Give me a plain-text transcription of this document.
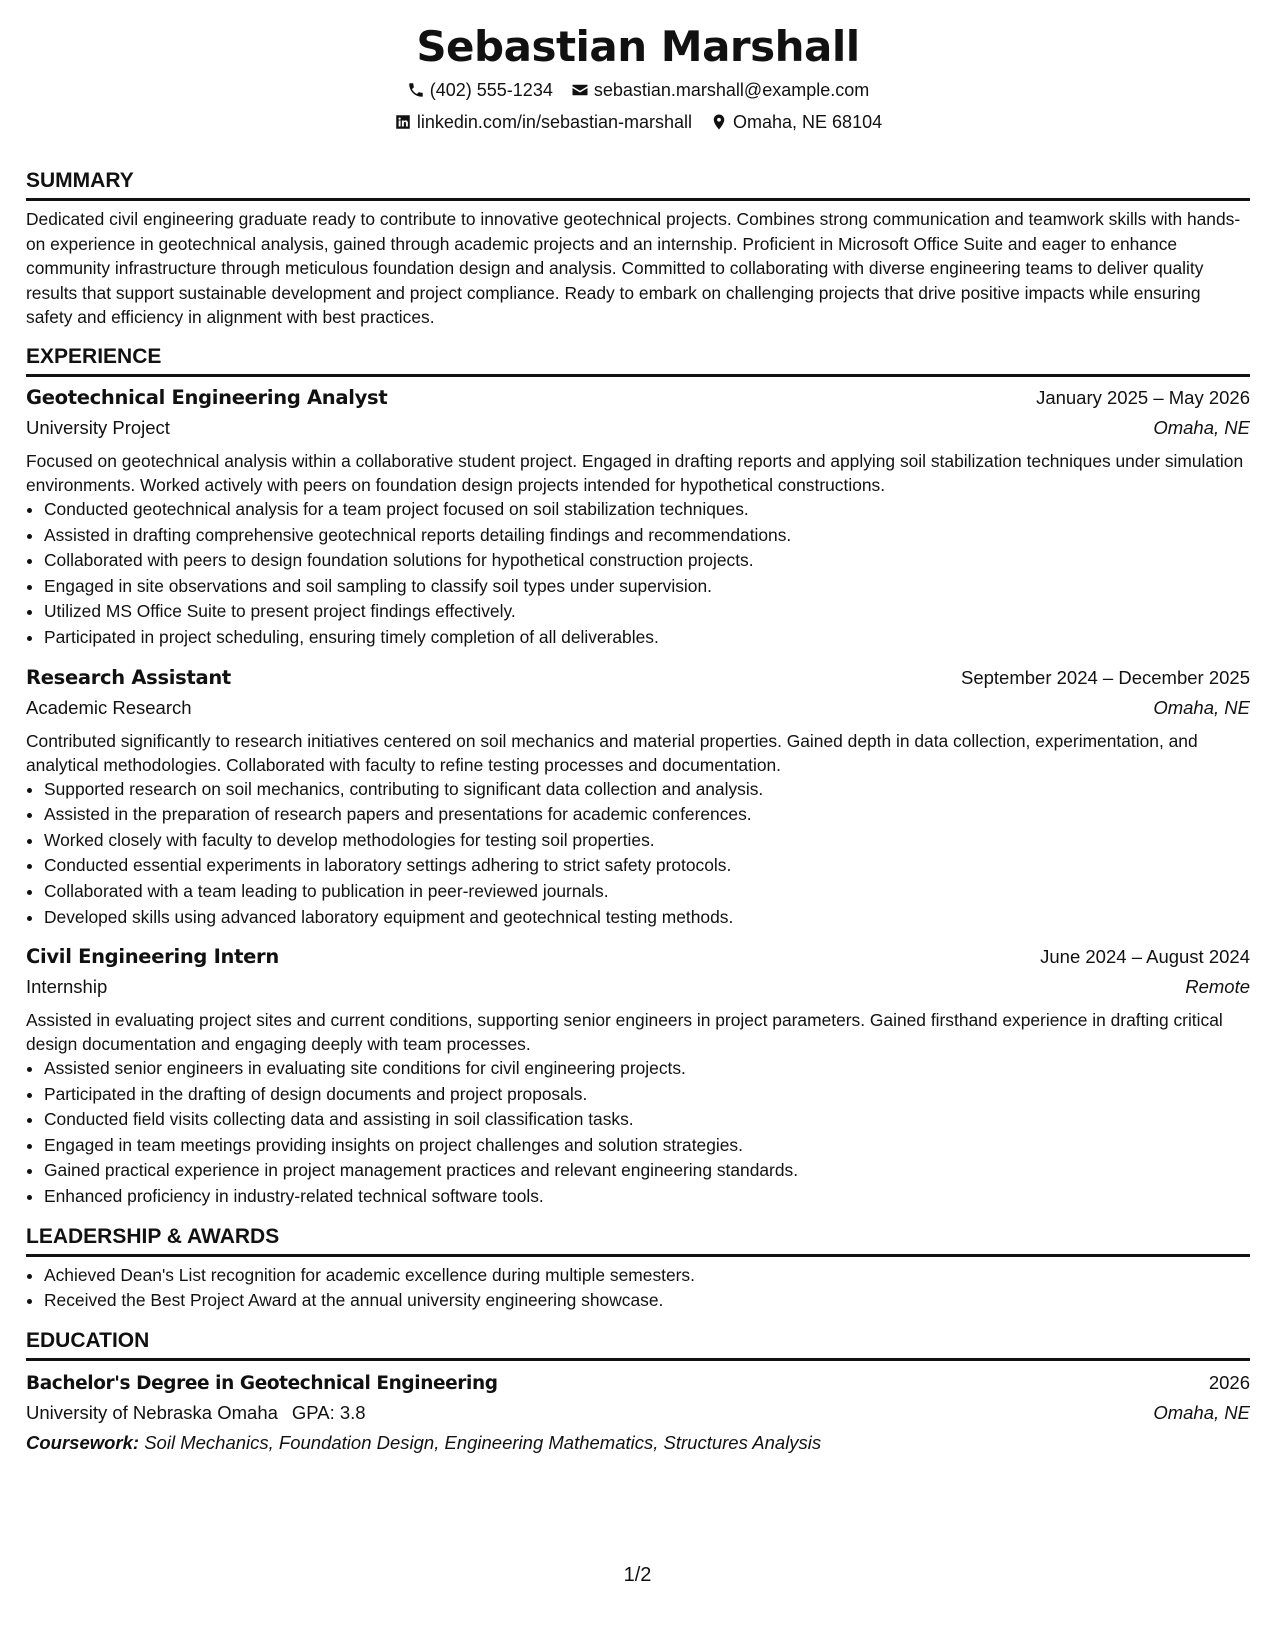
Sebastian Marshall
(402) 555-1234 sebastian.marshall@example.com
linkedin.com/in/sebastian-marshall Omaha, NE 68104
SUMMARY

Dedicated civil engineering graduate ready to contribute to innovative geotechnical projects. Combines strong communication and teamwork skills with hands-on experience in geotechnical analysis, gained through academic projects and an internship. Proficient in Microsoft Office Suite and eager to enhance community infrastructure through meticulous foundation design and analysis. Committed to collaborating with diverse engineering teams to deliver quality results that support sustainable development and project compliance. Ready to embark on challenging projects that drive positive impacts while ensuring safety and efficiency in alignment with best practices.

EXPERIENCE
Geotechnical Engineering Analyst	January 2025 – May 2026
University Project	Omaha, NE

Focused on geotechnical analysis within a collaborative student project. Engaged in drafting reports and applying soil stabilization techniques under simulation environments. Worked actively with peers on foundation design projects intended for hypothetical constructions.

• Conducted geotechnical analysis for a team project focused on soil stabilization techniques.
• Assisted in drafting comprehensive geotechnical reports detailing findings and recommendations.
• Collaborated with peers to design foundation solutions for hypothetical construction projects.
• Engaged in site observations and soil sampling to classify soil types under supervision.
• Utilized MS Office Suite to present project findings effectively.
• Participated in project scheduling, ensuring timely completion of all deliverables.
Research Assistant	September 2024 – December 2025
Academic Research	Omaha, NE

Contributed significantly to research initiatives centered on soil mechanics and material properties. Gained depth in data collection, experimentation, and analytical methodologies. Collaborated with faculty to refine testing processes and documentation.

• Supported research on soil mechanics, contributing to significant data collection and analysis.
• Assisted in the preparation of research papers and presentations for academic conferences.
• Worked closely with faculty to develop methodologies for testing soil properties.
• Conducted essential experiments in laboratory settings adhering to strict safety protocols.
• Collaborated with a team leading to publication in peer-reviewed journals.
• Developed skills using advanced laboratory equipment and geotechnical testing methods.
Civil Engineering Intern	June 2024 – August 2024
Internship	Remote

Assisted in evaluating project sites and current conditions, supporting senior engineers in project parameters. Gained firsthand experience in drafting critical design documentation and engaging deeply with team processes.

• Assisted senior engineers in evaluating site conditions for civil engineering projects.
• Participated in the drafting of design documents and project proposals.
• Conducted field visits collecting data and assisting in soil classification tasks.
• Engaged in team meetings providing insights on project challenges and solution strategies.
• Gained practical experience in project management practices and relevant engineering standards.
• Enhanced proficiency in industry-related technical software tools.
LEADERSHIP & AWARDS
• Achieved Dean's List recognition for academic excellence during multiple semesters.
• Received the Best Project Award at the annual university engineering showcase.
EDUCATION
Bachelor's Degree in Geotechnical Engineering	2026
University of Nebraska Omaha GPA: 3.8	Omaha, NE
Coursework: Soil Mechanics, Foundation Design, Engineering Mathematics, Structures Analysis
1/2
